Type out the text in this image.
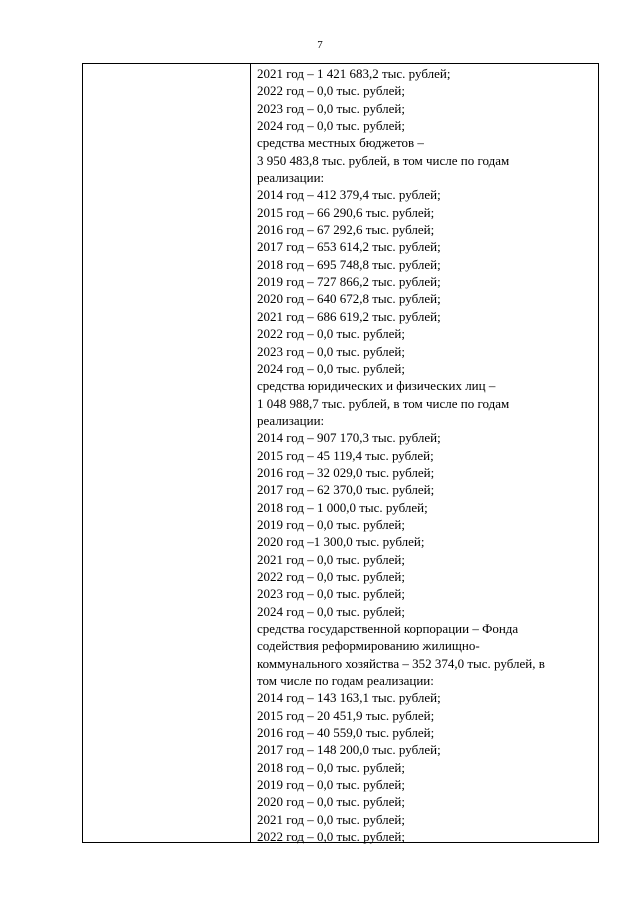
7
2021 год – 1 421 683,2 тыс. рублей;
2022 год – 0,0 тыс. рублей;
2023 год – 0,0 тыс. рублей;
2024 год – 0,0 тыс. рублей;
средства местных бюджетов –
3 950 483,8 тыс. рублей, в том числе по годам
реализации:
2014 год – 412 379,4 тыс. рублей;
2015 год – 66 290,6 тыс. рублей;
2016 год – 67 292,6 тыс. рублей;
2017 год – 653 614,2 тыс. рублей;
2018 год – 695 748,8 тыс. рублей;
2019 год – 727 866,2 тыс. рублей;
2020 год – 640 672,8 тыс. рублей;
2021 год – 686 619,2 тыс. рублей;
2022 год – 0,0 тыс. рублей;
2023 год – 0,0 тыс. рублей;
2024 год – 0,0 тыс. рублей;
средства юридических и физических лиц –
1 048 988,7 тыс. рублей, в том числе по годам
реализации:
2014 год – 907 170,3 тыс. рублей;
2015 год – 45 119,4 тыс. рублей;
2016 год – 32 029,0 тыс. рублей;
2017 год – 62 370,0 тыс. рублей;
2018 год – 1 000,0 тыс. рублей;
2019 год – 0,0 тыс. рублей;
2020 год –1 300,0 тыс. рублей;
2021 год – 0,0 тыс. рублей;
2022 год – 0,0 тыс. рублей;
2023 год – 0,0 тыс. рублей;
2024 год – 0,0 тыс. рублей;
средства государственной корпорации – Фонда
содействия реформированию жилищно-
коммунального хозяйства – 352 374,0 тыс. рублей, в
том числе по годам реализации:
2014 год – 143 163,1 тыс. рублей;
2015 год – 20 451,9 тыс. рублей;
2016 год – 40 559,0 тыс. рублей;
2017 год – 148 200,0 тыс. рублей;
2018 год – 0,0 тыс. рублей;
2019 год – 0,0 тыс. рублей;
2020 год – 0,0 тыс. рублей;
2021 год – 0,0 тыс. рублей;
2022 год – 0,0 тыс. рублей;
